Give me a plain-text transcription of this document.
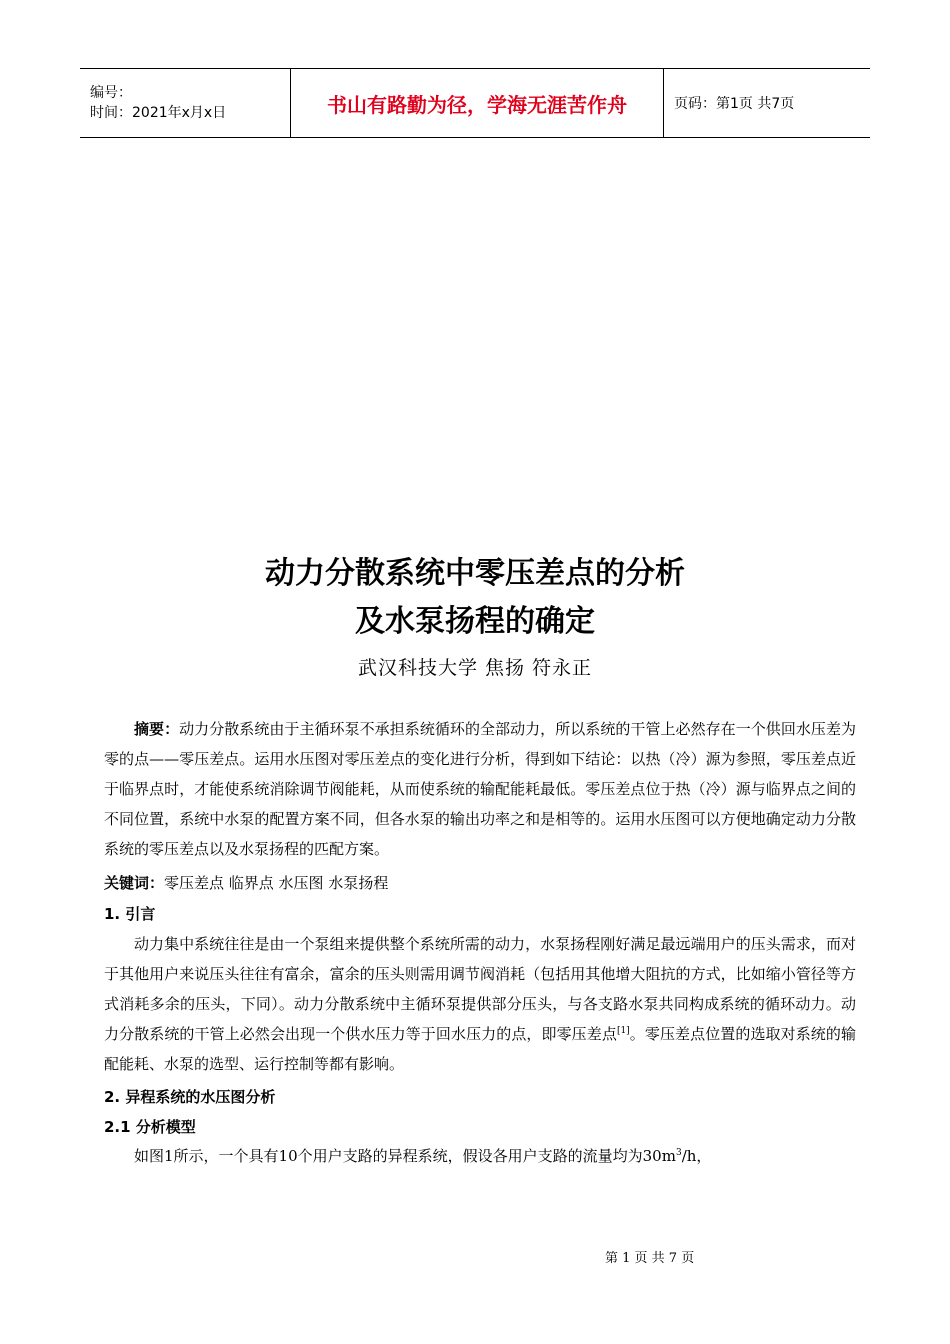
编号：
时间：2021年x月x日	书山有路勤为径，学海无涯苦作舟	页码：第1页 共7页
动力分散系统中零压差点的分析
及水泵扬程的确定
武汉科技大学 焦扬 符永正
摘要：动力分散系统由于主循环泵不承担系统循环的全部动力，所以系统的干管上必然存在一个供回水压差为零的点——零压差点。运用水压图对零压差点的变化进行分析，得到如下结论：以热（冷）源为参照，零压差点近于临界点时，才能使系统消除调节阀能耗，从而使系统的输配能耗最低。零压差点位于热（冷）源与临界点之间的不同位置，系统中水泵的配置方案不同，但各水泵的输出功率之和是相等的。运用水压图可以方便地确定动力分散系统的零压差点以及水泵扬程的匹配方案。
关键词：零压差点 临界点 水压图 水泵扬程
1. 引言
动力集中系统往往是由一个泵组来提供整个系统所需的动力，水泵扬程刚好满足最远端用户的压头需求，而对于其他用户来说压头往往有富余，富余的压头则需用调节阀消耗（包括用其他增大阻抗的方式，比如缩小管径等方式消耗多余的压头，下同）。动力分散系统中主循环泵提供部分压头，与各支路水泵共同构成系统的循环动力。动力分散系统的干管上必然会出现一个供水压力等于回水压力的点，即零压差点[1]。零压差点位置的选取对系统的输配能耗、水泵的选型、运行控制等都有影响。
2. 异程系统的水压图分析
2.1 分析模型
如图1所示，一个具有10个用户支路的异程系统，假设各用户支路的流量均为$30m^3/h$，
第 1 页 共 7 页
